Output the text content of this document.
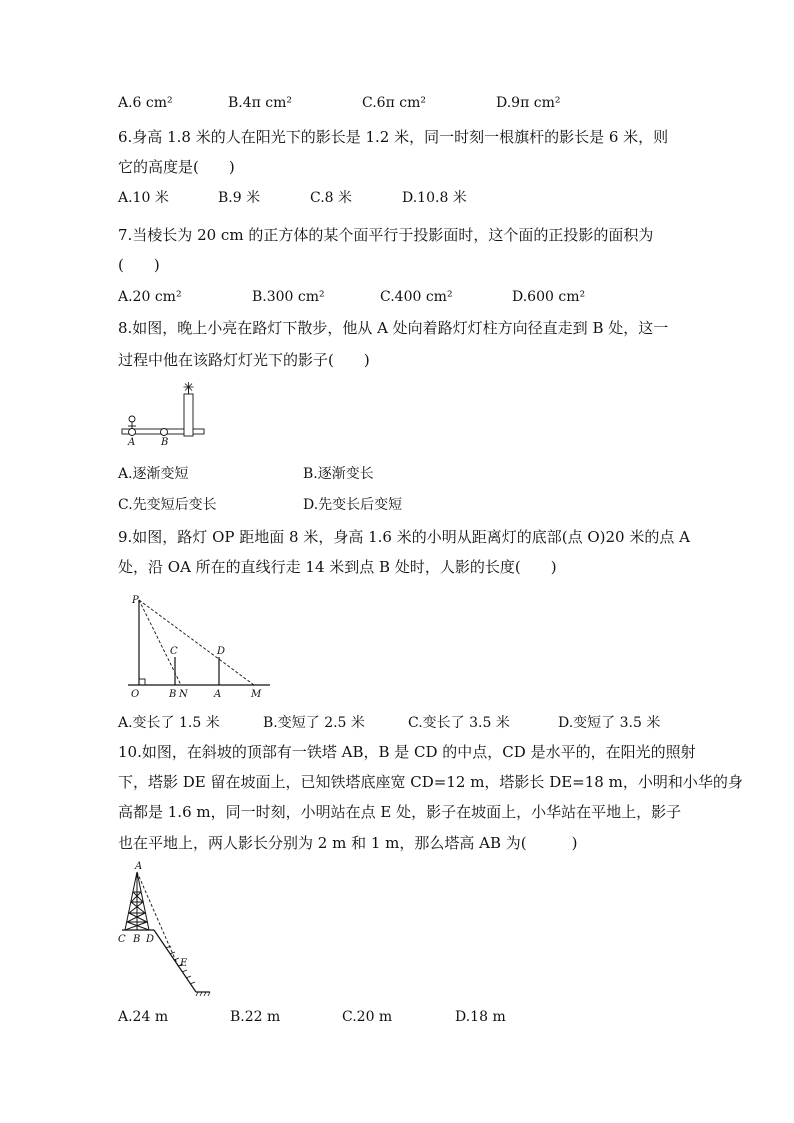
A.6 cm²	B.4π cm²	C.6π cm²	D.9π cm²
6.身高 1.8 米的人在阳光下的影长是 1.2 米，同一时刻一根旗杆的影长是 6 米，则
它的高度是(　　)
A.10 米	B.9 米	C.8 米	D.10.8 米
7.当棱长为 20 cm 的正方体的某个面平行于投影面时，这个面的正投影的面积为
(　　)
A.20 cm²	B.300 cm²	C.400 cm²	D.600 cm²
8.如图，晚上小亮在路灯下散步，他从 A 处向着路灯灯柱方向径直走到 B 处，这一
过程中他在该路灯灯光下的影子(　　)
A	B
A.逐渐变短	B.逐渐变长
C.先变短后变长	D.先变长后变短
9.如图，路灯 OP 距地面 8 米，身高 1.6 米的小明从距离灯的底部(点 O)20 米的点 A
处，沿 OA 所在的直线行走 14 米到点 B 处时，人影的长度(　　)
P
C	D
O	B N	A	M
A.变长了 1.5 米	B.变短了 2.5 米	C.变长了 3.5 米	D.变短了 3.5 米
10.如图，在斜坡的顶部有一铁塔 AB，B 是 CD 的中点，CD 是水平的，在阳光的照射
下，塔影 DE 留在坡面上，已知铁塔底座宽 CD=12 m，塔影长 DE=18 m，小明和小华的身
高都是 1.6 m，同一时刻，小明站在点 E 处，影子在坡面上，小华站在平地上，影子
也在平地上，两人影长分别为 2 m 和 1 m，那么塔高 AB 为(　　　)
A
C B D
E
A.24 m	B.22 m	C.20 m	D.18 m
